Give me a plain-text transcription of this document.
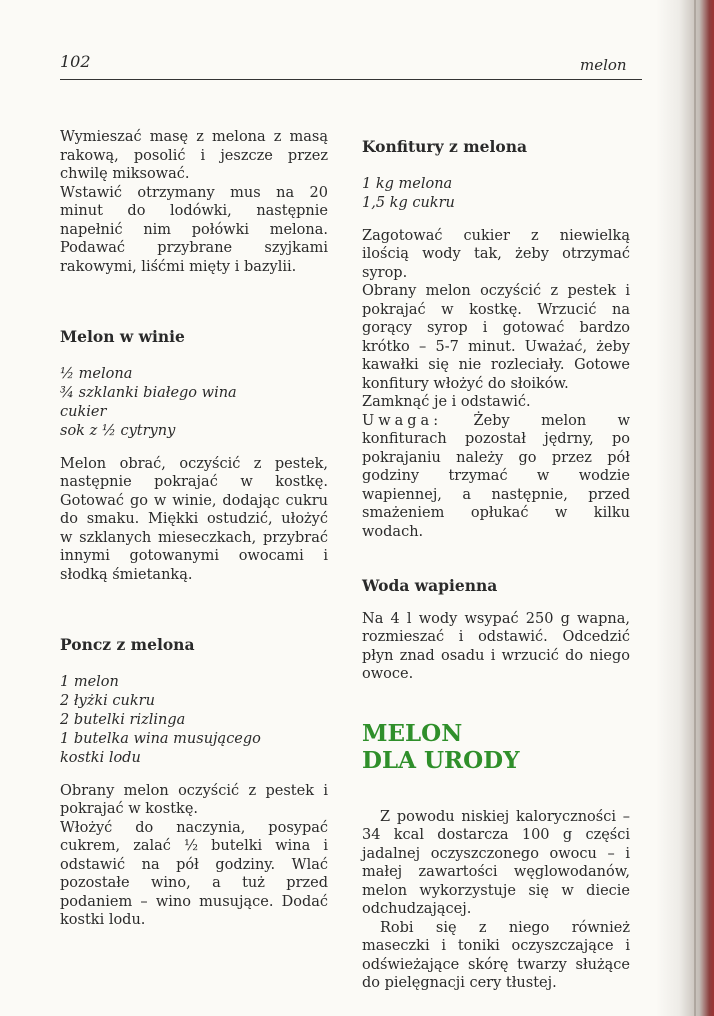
102	melon

Wymieszać masę z melona z masą rakową, posolić i jeszcze przez chwilę miksować.

Wstawić otrzymany mus na 20 minut do lodówki, następnie napełnić nim połówki melona. Podawać przybrane szyjkami rakowymi, liśćmi mięty i bazylii.

Melon w winie
½ melona
¾ szklanki białego wina
cukier
sok z ½ cytryny

Melon obrać, oczyścić z pestek, następnie pokrajać w kostkę. Gotować go w winie, dodając cukru do smaku. Miękki ostudzić, ułożyć w szklanych mieseczkach, przybrać innymi gotowanymi owocami i słodką śmietanką.

Poncz z melona
1 melon
2 łyżki cukru
2 butelki rizlinga
1 butelka wina musującego
kostki lodu

Obrany melon oczyścić z pestek i pokrajać w kostkę.

Włożyć do naczynia, posypać cukrem, zalać ½ butelki wina i odstawić na pół godziny. Wlać pozostałe wino, a tuż przed podaniem – wino musujące. Dodać kostki lodu.

Konfitury z melona
1 kg melona
1,5 kg cukru

Zagotować cukier z niewielką ilością wody tak, żeby otrzymać syrop.

Obrany melon oczyścić z pestek i pokrajać w kostkę. Wrzucić na gorący syrop i gotować bardzo krótko – 5-7 minut. Uważać, żeby kawałki się nie rozleciały. Gotowe konfitury włożyć do słoików.

Zamknąć je i odstawić.

Uwaga: Żeby melon w konfiturach pozostał jędrny, po pokrajaniu należy go przez pół godziny trzymać w wodzie wapiennej, a następnie, przed smażeniem opłukać w kilku wodach.

Woda wapienna

Na 4 l wody wsypać 250 g wapna, rozmieszać i odstawić. Odcedzić płyn znad osadu i wrzucić do niego owoce.

MELON
DLA URODY

Z powodu niskiej kaloryczności – 34 kcal dostarcza 100 g części jadalnej oczyszczonego owocu – i małej zawartości węglowodanów, melon wykorzystuje się w diecie odchudzającej.

Robi się z niego również maseczki i toniki oczyszczające i odświeżające skórę twarzy służące do pielęgnacji cery tłustej.
